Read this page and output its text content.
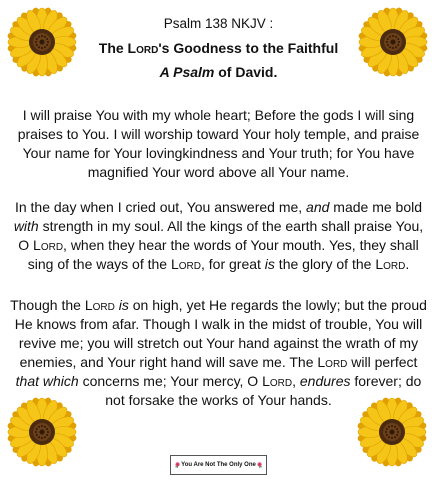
Psalm 138 NKJV :
The Lord's Goodness to the Faithful
A Psalm of David.
I will praise You with my whole heart; Before the gods I will sing praises to You. I will worship toward Your holy temple, and praise Your name for Your lovingkindness and Your truth; for You have magnified Your word above all Your name.
In the day when I cried out, You answered me, and made me bold with strength in my soul. All the kings of the earth shall praise You, O Lord, when they hear the words of Your mouth. Yes, they shall sing of the ways of the Lord, for great is the glory of the Lord.
Though the Lord is on high, yet He regards the lowly; but the proud He knows from afar. Though I walk in the midst of trouble, You will revive me; you will stretch out Your hand against the wrath of my enemies, and Your right hand will save me. The Lord will perfect that which concerns me; Your mercy, O Lord, endures forever; do not forsake the works of Your hands.
You Are Not The Only One
